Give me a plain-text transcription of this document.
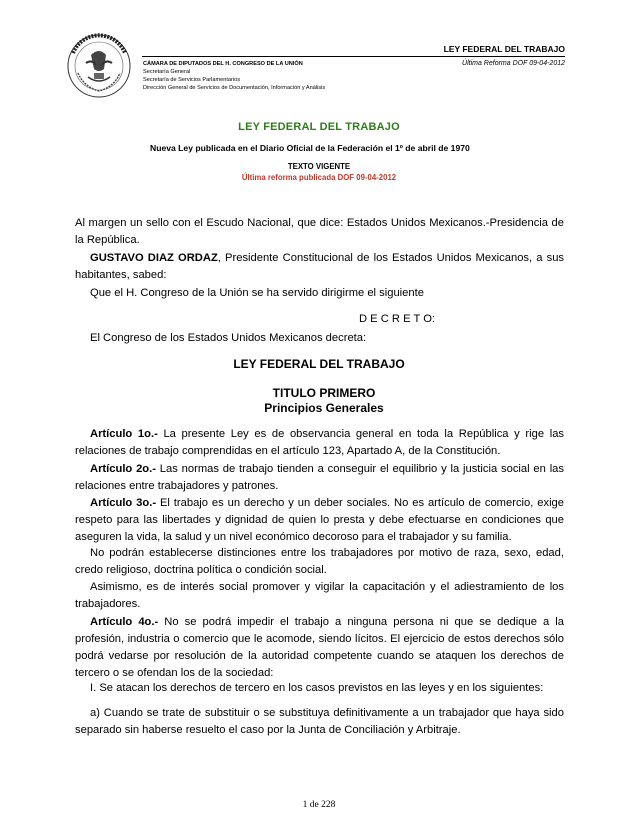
LEY FEDERAL DEL TRABAJO
Última Reforma DOF 09-04-2012
CÁMARA DE DIPUTADOS DEL H. CONGRESO DE LA UNIÓN
Secretaría General
Secretaría de Servicios Parlamentarios
Dirección General de Servicios de Documentación, Información y Análisis
LEY FEDERAL DEL TRABAJO
Nueva Ley publicada en el Diario Oficial de la Federación el 1º de abril de 1970
TEXTO VIGENTE
Última reforma publicada DOF 09-04-2012
Al margen un sello con el Escudo Nacional, que dice: Estados Unidos Mexicanos.-Presidencia de la República.
GUSTAVO DIAZ ORDAZ, Presidente Constitucional de los Estados Unidos Mexicanos, a sus habitantes, sabed:
Que el H. Congreso de la Unión se ha servido dirigirme el siguiente
D E C R E T O:
El Congreso de los Estados Unidos Mexicanos decreta:
LEY FEDERAL DEL TRABAJO
TITULO PRIMERO
Principios Generales
Artículo 1o.- La presente Ley es de observancia general en toda la República y rige las relaciones de trabajo comprendidas en el artículo 123, Apartado A, de la Constitución.
Artículo 2o.- Las normas de trabajo tienden a conseguir el equilibrio y la justicia social en las relaciones entre trabajadores y patrones.
Artículo 3o.- El trabajo es un derecho y un deber sociales. No es artículo de comercio, exige respeto para las libertades y dignidad de quien lo presta y debe efectuarse en condiciones que aseguren la vida, la salud y un nivel económico decoroso para el trabajador y su familia.
No podrán establecerse distinciones entre los trabajadores por motivo de raza, sexo, edad, credo religioso, doctrina política o condición social.
Asimismo, es de interés social promover y vigilar la capacitación y el adiestramiento de los trabajadores.
Artículo 4o.- No se podrá impedir el trabajo a ninguna persona ni que se dedique a la profesión, industria o comercio que le acomode, siendo lícitos. El ejercicio de estos derechos sólo podrá vedarse por resolución de la autoridad competente cuando se ataquen los derechos de tercero o se ofendan los de la sociedad:
I. Se atacan los derechos de tercero en los casos previstos en las leyes y en los siguientes:
a) Cuando se trate de substituir o se substituya definitivamente a un trabajador que haya sido separado sin haberse resuelto el caso por la Junta de Conciliación y Arbitraje.
1 de 228
